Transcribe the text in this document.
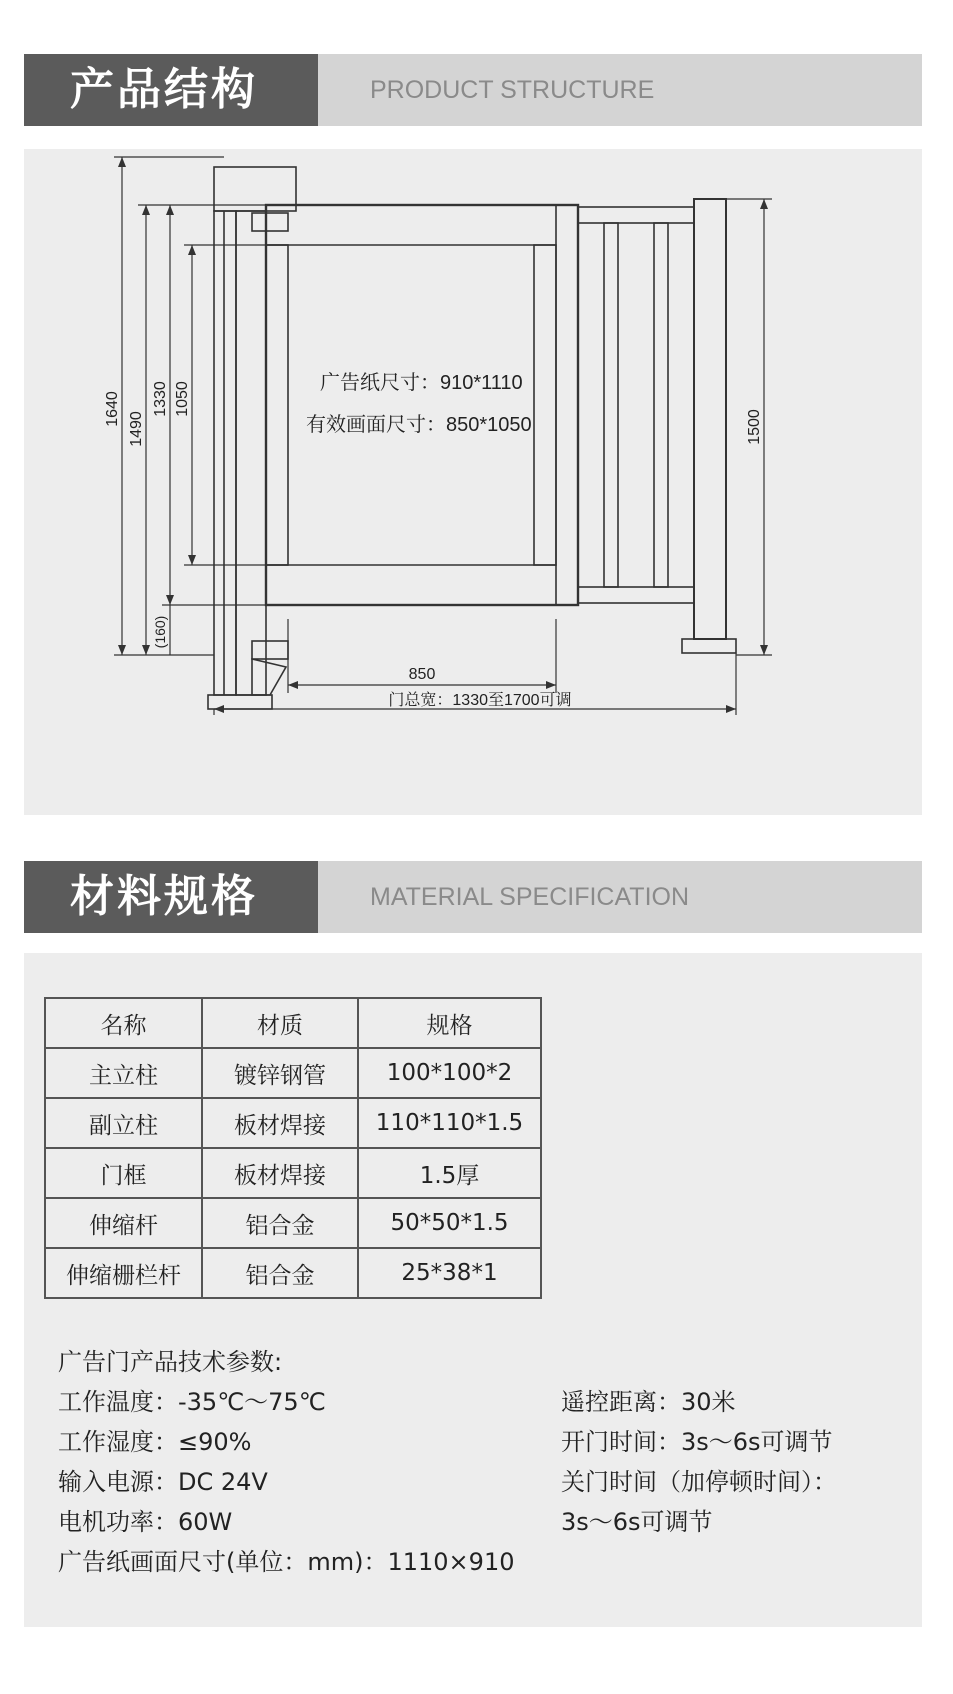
产品结构	PRODUCT STRUCTURE
广告纸尺寸：910*1110
有效画面尺寸：850*1050
1640
1490
1330 1050
(160)
1500
850
门总宽：1330至1700可调
材料规格	MATERIAL SPECIFICATION
名称	材质	规格
主立柱	镀锌钢管	100*100*2
副立柱	板材焊接	110*110*1.5
门框	板材焊接	1.5厚
伸缩杆	铝合金	50*50*1.5
伸缩栅栏杆	铝合金	25*38*1
广告门产品技术参数:
工作温度：-35℃～75℃
工作湿度：≤90%
输入电源：DC 24V
电机功率：60W
广告纸画面尺寸(单位：mm)：1110×910
遥控距离：30米
开门时间：3s～6s可调节
关门时间（加停顿时间）：
3s～6s可调节
